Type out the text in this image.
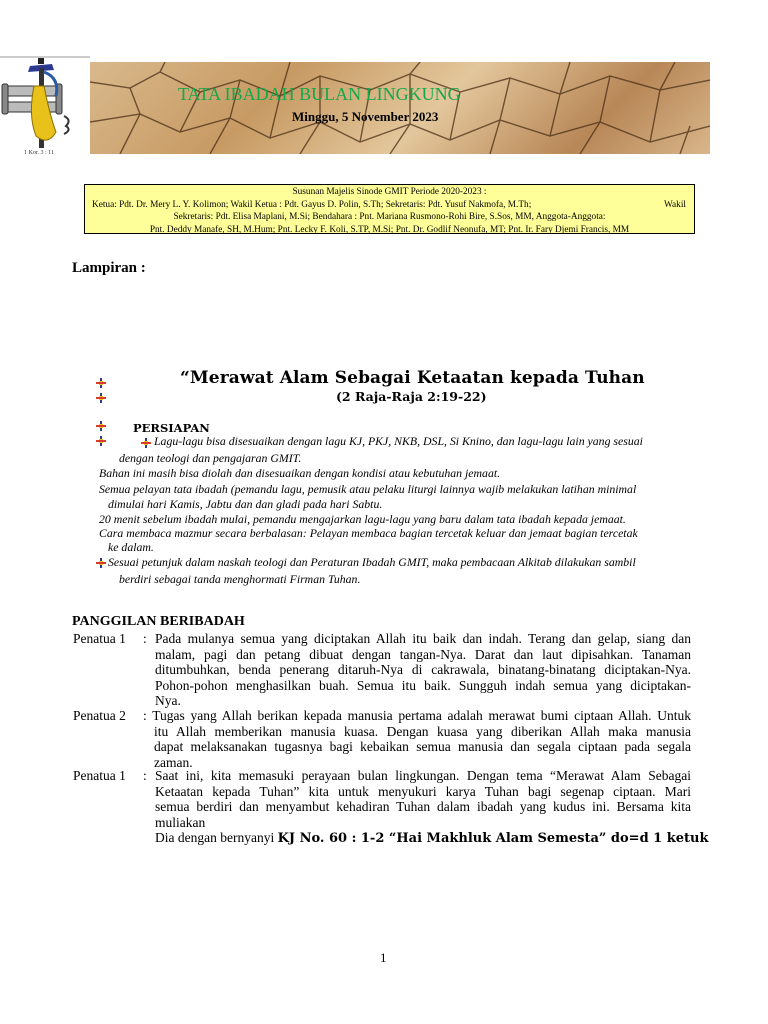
1 Kor. 3 : 11
TATA IBADAH BULAN LINGKUNG
Minggu, 5 November 2023
Susunan Majelis Sinode GMIT Periode 2020-2023 :
Ketua: Pdt. Dr. Mery L. Y. Kolimon; Wakil Ketua : Pdt. Gayus D. Polin, S.Th; Sekretaris: Pdt. Yusuf Nakmofa, M.Th;	Wakil
Sekretaris: Pdt. Elisa Maplani, M.Si; Bendahara : Pnt. Mariana Rusmono-Rohi Bire, S.Sos, MM, Anggota-Anggota:
Pnt. Deddy Manafe, SH, M.Hum; Pnt. Lecky F. Koli, S.TP, M.Si; Pnt. Dr. Godlif Neonufa, MT; Pnt. Ir. Fary Djemi Francis, MM
Lampiran :
“Merawat Alam Sebagai Ketaatan kepada Tuhan
(2 Raja-Raja 2:19-22)
PERSIAPAN
Lagu-lagu bisa disesuaikan dengan lagu KJ, PKJ, NKB, DSL, Si Knino, dan lagu-lagu lain yang sesuai
dengan teologi dan pengajaran GMIT.
Bahan ini masih bisa diolah dan disesuaikan dengan kondisi atau kebutuhan jemaat.
Semua pelayan tata ibadah (pemandu lagu, pemusik atau pelaku liturgi lainnya wajib melakukan latihan minimal
dimulai hari Kamis, Jabtu dan dan gladi pada hari Sabtu.
20 menit sebelum ibadah mulai, pemandu mengajarkan lagu-lagu yang baru dalam tata ibadah kepada jemaat.
Cara membaca mazmur secara berbalasan: Pelayan membaca bagian tercetak keluar dan jemaat bagian tercetak
ke dalam.
Sesuai petunjuk dalam naskah teologi dan Peraturan Ibadah GMIT, maka pembacaan Alkitab dilakukan sambil
berdiri sebagai tanda menghormati Firman Tuhan.
PANGGILAN BERIBADAH
Penatua 1 : Pada mulanya semua yang diciptakan Allah itu baik dan indah. Terang dan gelap, siang dan
malam, pagi dan petang dibuat dengan tangan-Nya. Darat dan laut dipisahkan. Tanaman
ditumbuhkan, benda penerang ditaruh-Nya di cakrawala, binatang-binatang diciptakan-Nya.
Pohon-pohon menghasilkan buah. Semua itu baik. Sungguh indah semua yang diciptakan-
Nya.
Penatua 2 : Tugas yang Allah berikan kepada manusia pertama adalah merawat bumi ciptaan Allah. Untuk
itu Allah memberikan manusia kuasa. Dengan kuasa yang diberikan Allah maka manusia
dapat melaksanakan tugasnya bagi kebaikan semua manusia dan segala ciptaan pada segala
zaman.
Penatua 1 : Saat ini, kita memasuki perayaan bulan lingkungan. Dengan tema “Merawat Alam Sebagai
Ketaatan kepada Tuhan” kita untuk menyukuri karya Tuhan bagi segenap ciptaan. Mari
semua berdiri dan menyambut kehadiran Tuhan dalam ibadah yang kudus ini. Bersama kita
muliakan
Dia dengan bernyanyi KJ No. 60 : 1-2 “Hai Makhluk Alam Semesta” do=d 1 ketuk
1
